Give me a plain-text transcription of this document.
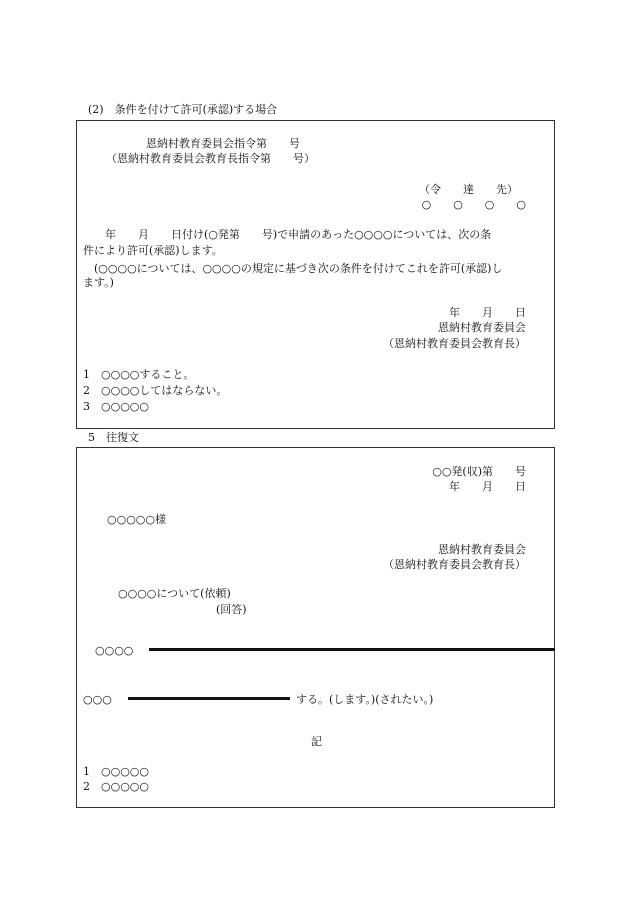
(2)　条件を付けて許可(承認)する場合
恩納村教育委員会指令第　　号
（恩納村教育委員会教育長指令第　　号）
（令　　達　　先）
○　　○　　○　　○
　　年　　月　　日付け(○発第　　号)で申請のあった○○○○については、次の条
件により許可(承認)します。
　(○○○○については、○○○○の規定に基づき次の条件を付けてこれを許可(承認)し
ます。)
年　　月　　日
恩納村教育委員会
（恩納村教育委員会教育長）
1　○○○○すること。
2　○○○○してはならない。
3　○○○○○
5　往復文
○○発(収)第　　号
年　　月　　日
○○○○○様
恩納村教育委員会
（恩納村教育委員会教育長）
○○○○について(依頼)
(回答)
○○○○
○○○	する。(します。)(されたい。)
記
1　○○○○○
2　○○○○○
